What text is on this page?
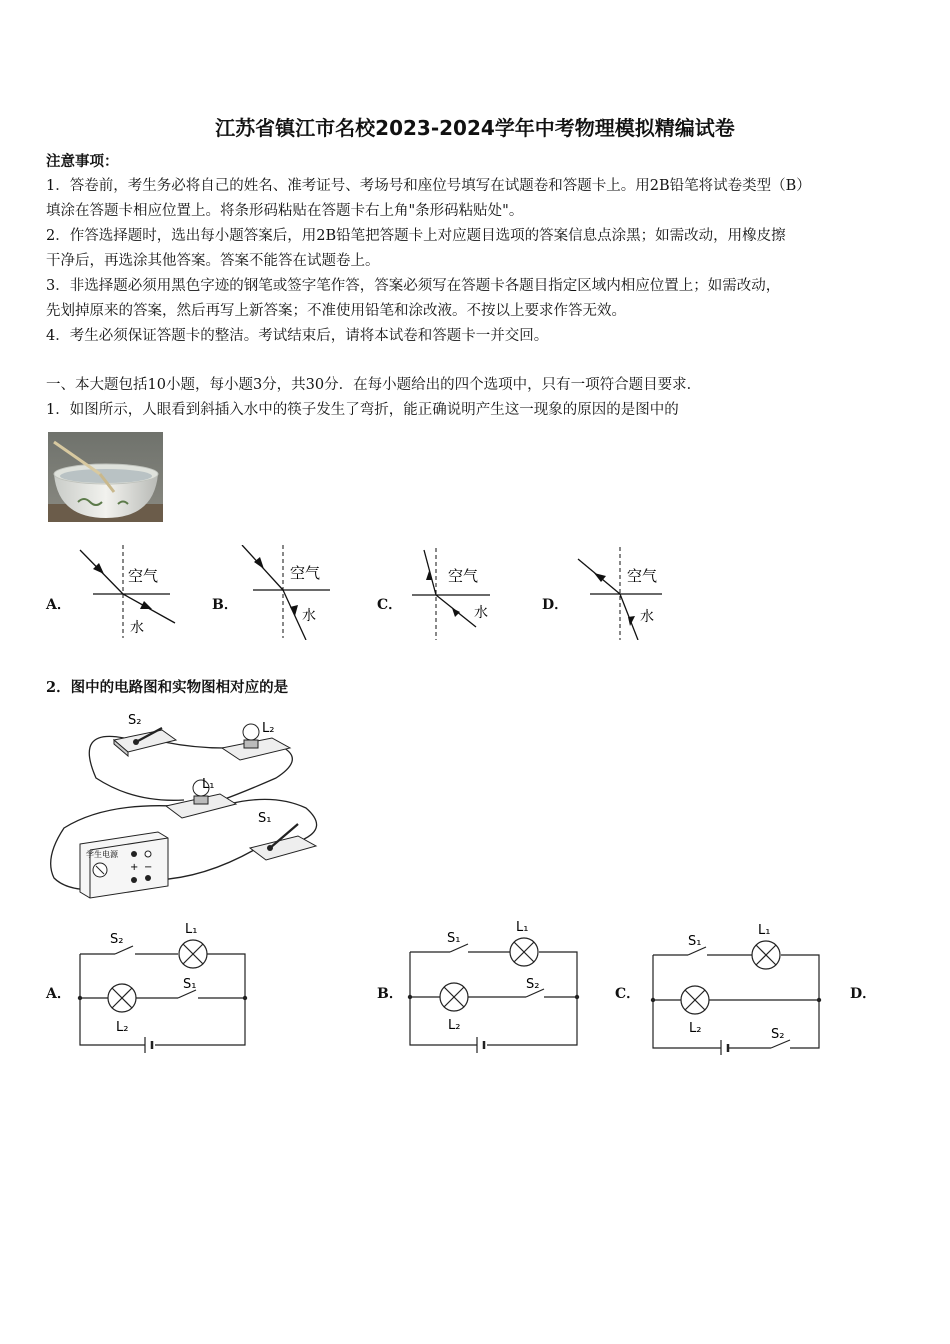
江苏省镇江市名校2023-2024学年中考物理模拟精编试卷
注意事项：
1．答卷前，考生务必将自己的姓名、准考证号、考场号和座位号填写在试题卷和答题卡上。用2B铅笔将试卷类型（B）
填涂在答题卡相应位置上。将条形码粘贴在答题卡右上角"条形码粘贴处"。
2．作答选择题时，选出每小题答案后，用2B铅笔把答题卡上对应题目选项的答案信息点涂黑；如需改动，用橡皮擦
干净后，再选涂其他答案。答案不能答在试题卷上。
3．非选择题必须用黑色字迹的钢笔或签字笔作答，答案必须写在答题卡各题目指定区域内相应位置上；如需改动，
先划掉原来的答案，然后再写上新答案；不准使用铅笔和涂改液。不按以上要求作答无效。
4．考生必须保证答题卡的整洁。考试结束后，请将本试卷和答题卡一并交回。
一、本大题包括10小题，每小题3分，共30分．在每小题给出的四个选项中，只有一项符合题目要求．
1．如图所示，人眼看到斜插入水中的筷子发生了弯折，能正确说明产生这一现象的原因的是图中的
A．	B．	C．	D．
空气
水
空气
水
空气
水
空气
水
2．图中的电路图和实物图相对应的是
S₂
L₂
L₁
S₁
学生电源
+ −
A．	B．	C．	D．
S₂
L₁
S₁
L₂
S₁
L₁
S₂
L₂
S₁
L₁
L₂	S₂
